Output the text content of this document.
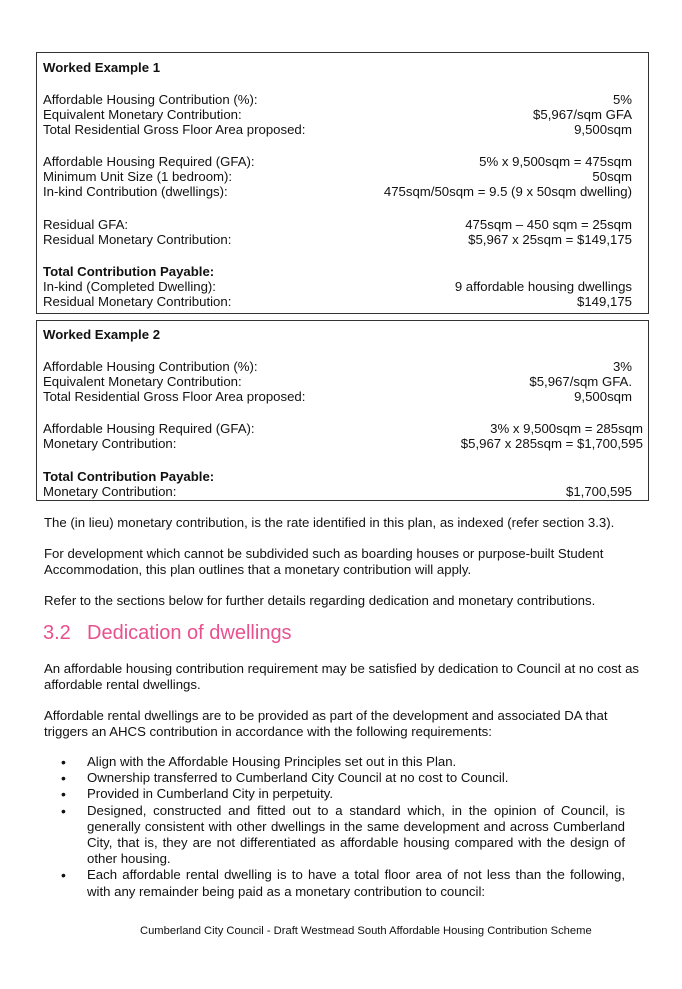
Worked Example 1
Affordable Housing Contribution (%):	5%
Equivalent Monetary Contribution:	$5,967/sqm GFA
Total Residential Gross Floor Area proposed:	9,500sqm
Affordable Housing Required (GFA):	5% x 9,500sqm = 475sqm
Minimum Unit Size (1 bedroom):	50sqm
In-kind Contribution (dwellings):	475sqm/50sqm = 9.5 (9 x 50sqm dwelling)
Residual GFA:	475sqm – 450 sqm = 25sqm
Residual Monetary Contribution:	$5,967 x 25sqm = $149,175
Total Contribution Payable:
In-kind (Completed Dwelling):	9 affordable housing dwellings
Residual Monetary Contribution:	$149,175
Worked Example 2
Affordable Housing Contribution (%):	3%
Equivalent Monetary Contribution:	$5,967/sqm GFA.
Total Residential Gross Floor Area proposed:	9,500sqm
Affordable Housing Required (GFA):	3% x 9,500sqm = 285sqm
Monetary Contribution:	$5,967 x 285sqm = $1,700,595
Total Contribution Payable:
Monetary Contribution:	$1,700,595
The (in lieu) monetary contribution, is the rate identified in this plan, as indexed (refer section 3.3).
For development which cannot be subdivided such as boarding houses or purpose-built Student Accommodation, this plan outlines that a monetary contribution will apply.
Refer to the sections below for further details regarding dedication and monetary contributions.
3.2 Dedication of dwellings
An affordable housing contribution requirement may be satisfied by dedication to Council at no cost as affordable rental dwellings.
Affordable rental dwellings are to be provided as part of the development and associated DA that triggers an AHCS contribution in accordance with the following requirements:
• Align with the Affordable Housing Principles set out in this Plan.
• Ownership transferred to Cumberland City Council at no cost to Council.
• Provided in Cumberland City in perpetuity.
• Designed, constructed and fitted out to a standard which, in the opinion of Council, is generally consistent with other dwellings in the same development and across Cumberland City, that is, they are not differentiated as affordable housing compared with the design of other housing.
• Each affordable rental dwelling is to have a total floor area of not less than the following, with any remainder being paid as a monetary contribution to council:
Cumberland City Council - Draft Westmead South Affordable Housing Contribution Scheme
